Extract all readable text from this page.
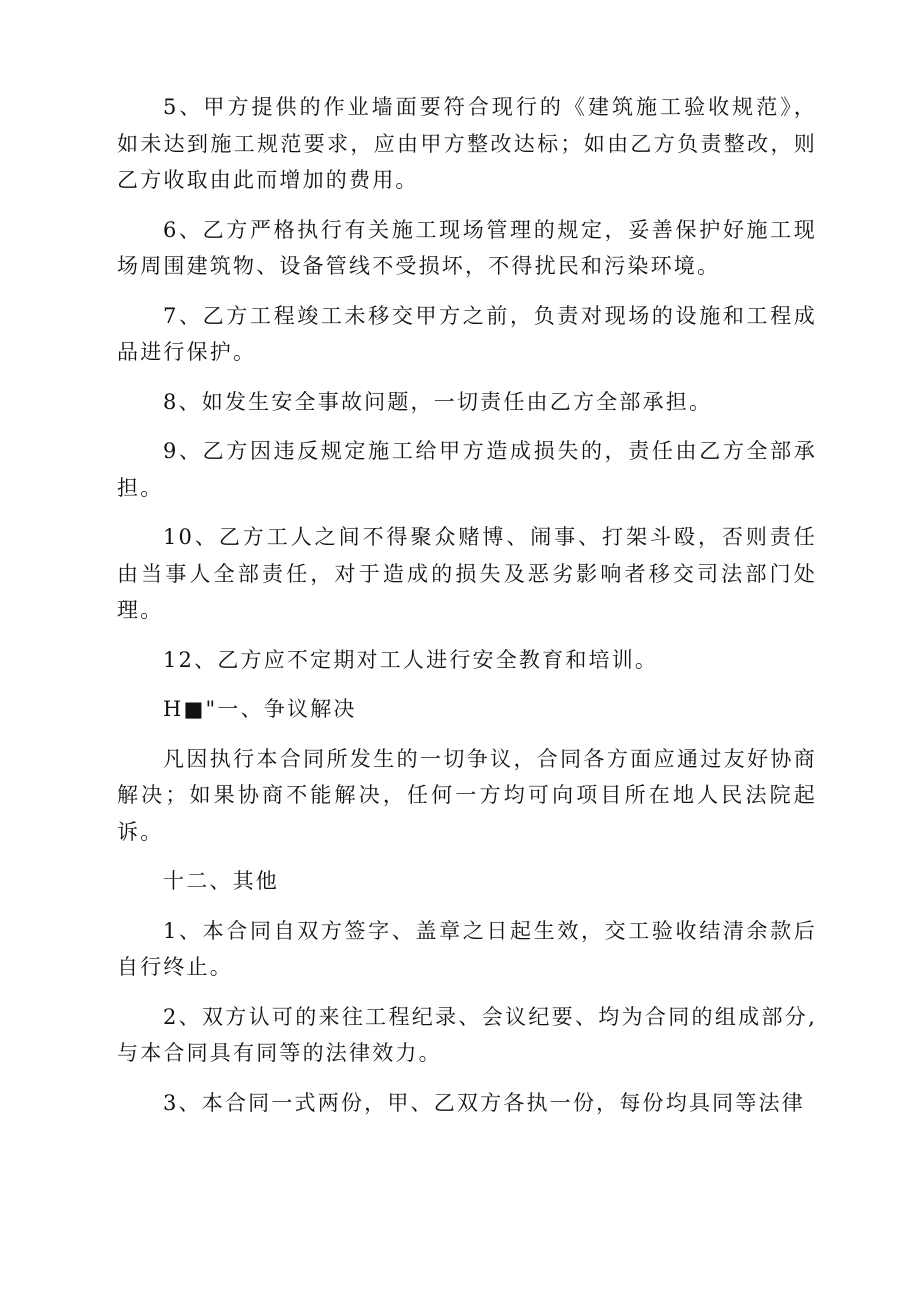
5、甲方提供的作业墙面要符合现行的《建筑施工验收规范》，如未达到施工规范要求，应由甲方整改达标；如由乙方负责整改，则乙方收取由此而增加的费用。

6、乙方严格执行有关施工现场管理的规定，妥善保护好施工现场周围建筑物、设备管线不受损坏，不得扰民和污染环境。

7、乙方工程竣工未移交甲方之前，负责对现场的设施和工程成品进行保护。

8、如发生安全事故问题，一切责任由乙方全部承担。

9、乙方因违反规定施工给甲方造成损失的，责任由乙方全部承担。

10、乙方工人之间不得聚众赌博、闹事、打架斗殴，否则责任由当事人全部责任，对于造成的损失及恶劣影响者移交司法部门处理。

12、乙方应不定期对工人进行安全教育和培训。

H■"一、争议解决

凡因执行本合同所发生的一切争议，合同各方面应通过友好协商解决；如果协商不能解决，任何一方均可向项目所在地人民法院起诉。

十二、其他

1、本合同自双方签字、盖章之日起生效，交工验收结清余款后自行终止。

2、双方认可的来往工程纪录、会议纪要、均为合同的组成部分,与本合同具有同等的法律效力。

3、本合同一式两份，甲、乙双方各执一份，每份均具同等法律
